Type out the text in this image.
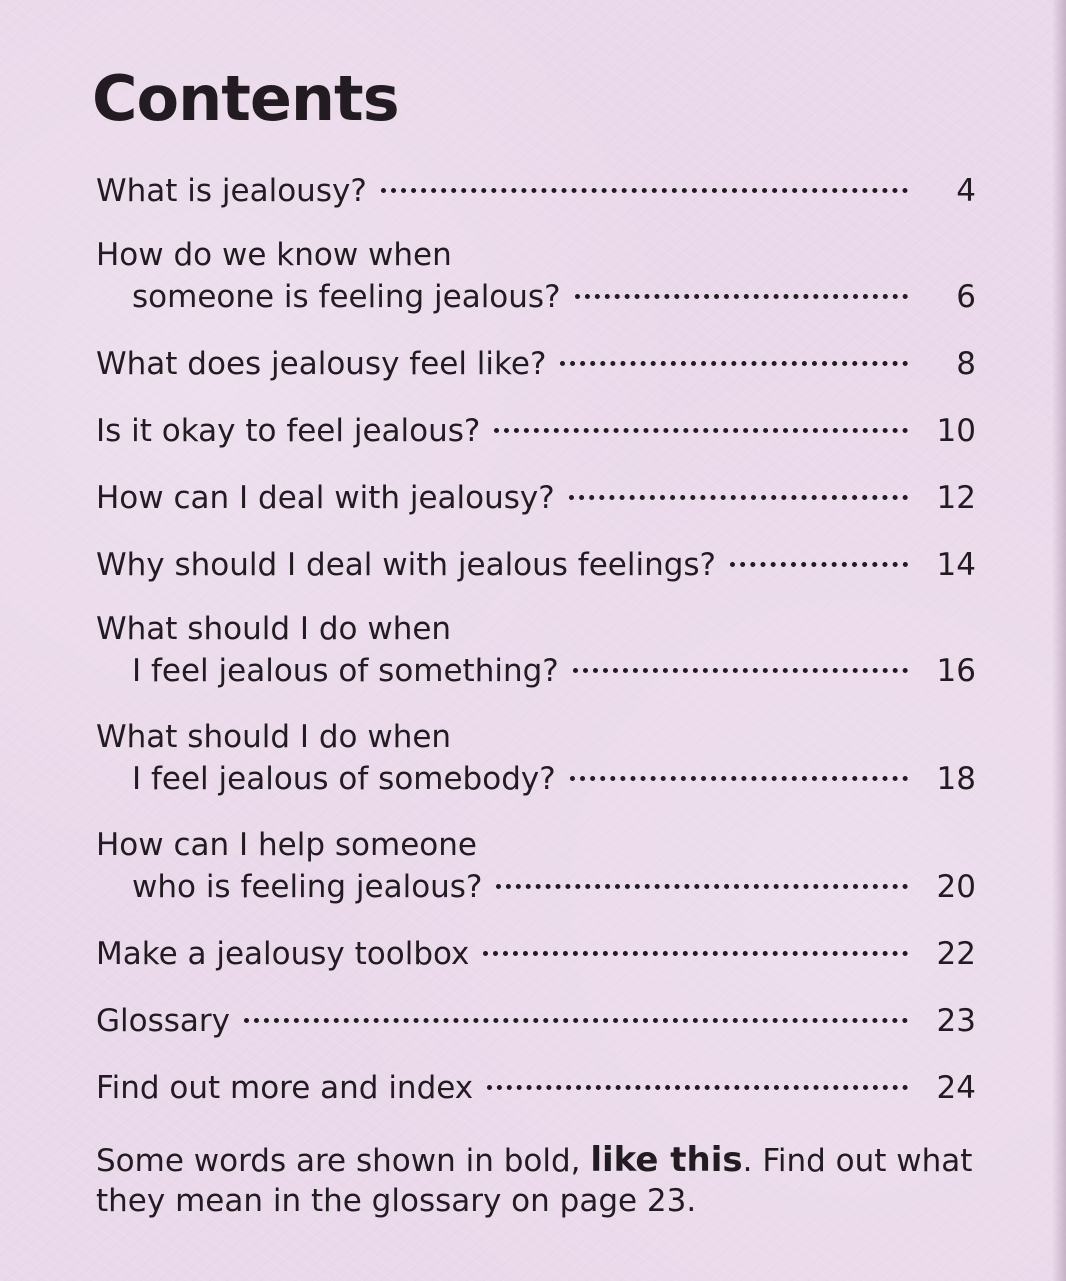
Contents
What is jealousy?	4
How do we know when
someone is feeling jealous?	6
What does jealousy feel like?	8
Is it okay to feel jealous?	10
How can I deal with jealousy?	12
Why should I deal with jealous feelings?	14
What should I do when
I feel jealous of something?	16
What should I do when
I feel jealous of somebody?	18
How can I help someone
who is feeling jealous?	20
Make a jealousy toolbox	22
Glossary	23
Find out more and index	24
Some words are shown in bold, like this. Find out what they mean in the glossary on page 23.
